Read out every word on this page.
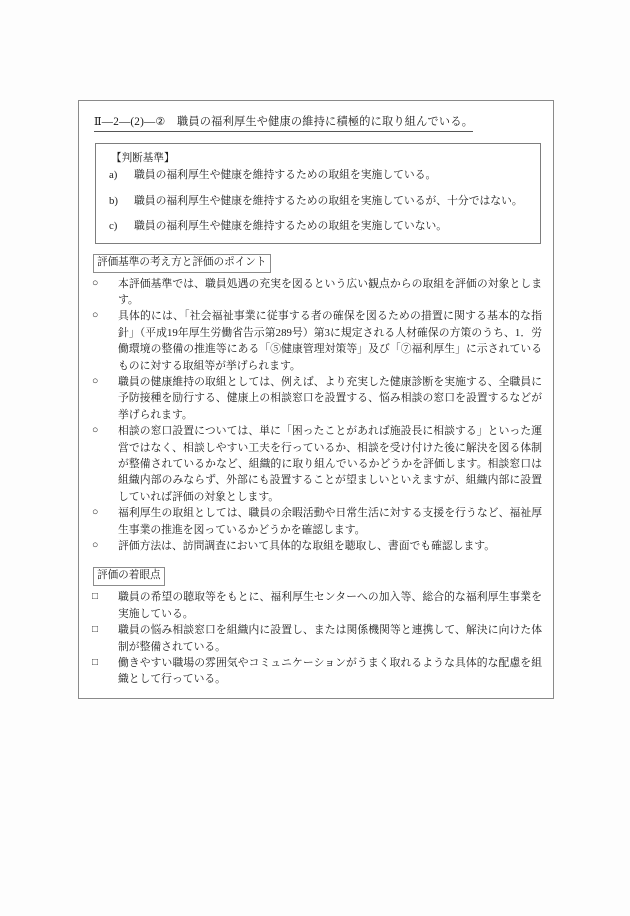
Ⅱ―2―(2)―②　職員の福利厚生や健康の維持に積極的に取り組んでいる。
【判断基準】
a)	職員の福利厚生や健康を維持するための取組を実施している。
b)	職員の福利厚生や健康を維持するための取組を実施しているが、十分ではない。
c)	職員の福利厚生や健康を維持するための取組を実施していない。
評価基準の考え方と評価のポイント
○	本評価基準では、職員処遇の充実を図るという広い観点からの取組を評価の対象とします。
○	具体的には、「社会福祉事業に従事する者の確保を図るための措置に関する基本的な指針」（平成19年厚生労働省告示第289号）第3に規定される人材確保の方策のうち、1．労働環境の整備の推進等にある「⑤健康管理対策等」及び「⑦福利厚生」に示されているものに対する取組等が挙げられます。
○	職員の健康維持の取組としては、例えば、より充実した健康診断を実施する、全職員に予防接種を励行する、健康上の相談窓口を設置する、悩み相談の窓口を設置するなどが挙げられます。
○	相談の窓口設置については、単に「困ったことがあれば施設長に相談する」といった運営ではなく、相談しやすい工夫を行っているか、相談を受け付けた後に解決を図る体制が整備されているかなど、組織的に取り組んでいるかどうかを評価します。相談窓口は組織内部のみならず、外部にも設置することが望ましいといえますが、組織内部に設置していれば評価の対象とします。
○	福利厚生の取組としては、職員の余暇活動や日常生活に対する支援を行うなど、福祉厚生事業の推進を図っているかどうかを確認します。
○	評価方法は、訪問調査において具体的な取組を聴取し、書面でも確認します。
評価の着眼点
□	職員の希望の聴取等をもとに、福利厚生センターへの加入等、総合的な福利厚生事業を実施している。
□	職員の悩み相談窓口を組織内に設置し、または関係機関等と連携して、解決に向けた体制が整備されている。
□	働きやすい職場の雰囲気やコミュニケーションがうまく取れるような具体的な配慮を組織として行っている。
